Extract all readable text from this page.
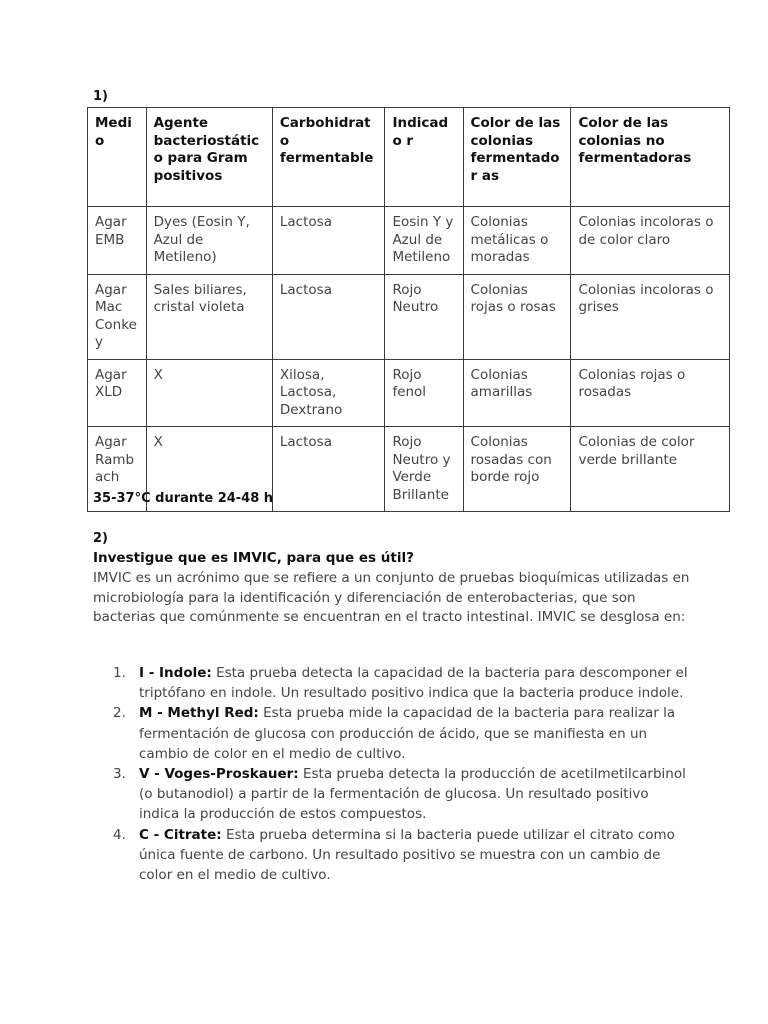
1)
Medio	Agente bacteriostátic o para Gram positivos	Carbohidrato fermentable	Indicado r	Color de las colonias fermentador as	Color de las colonias no fermentadoras
Agar EMB	Dyes (Eosin Y, Azul de Metileno)	Lactosa	Eosin Y y Azul de Metileno	Colonias metálicas o moradas	Colonias incoloras o de color claro
Agar Mac Conkey	Sales biliares, cristal violeta	Lactosa	Rojo Neutro	Colonias rojas o rosas	Colonias incoloras o grises
Agar XLD	X	Xilosa, Lactosa, Dextrano	Rojo fenol	Colonias amarillas	Colonias rojas o rosadas
Agar Rambach	X	Lactosa	Rojo Neutro y Verde Brillante	Colonias rosadas con borde rojo	Colonias de color verde brillante
35-37°C durante 24-48 h
2)
Investigue que es IMVIC, para que es útil?

IMVIC es un acrónimo que se refiere a un conjunto de pruebas bioquímicas utilizadas en microbiología para la identificación y diferenciación de enterobacterias, que son bacterias que comúnmente se encuentran en el tracto intestinal. IMVIC se desglosa en:

1. I - Indole: Esta prueba detecta la capacidad de la bacteria para descomponer el triptófano en indole. Un resultado positivo indica que la bacteria produce indole.
2. M - Methyl Red: Esta prueba mide la capacidad de la bacteria para realizar la fermentación de glucosa con producción de ácido, que se manifiesta en un cambio de color en el medio de cultivo.
3. V - Voges-Proskauer: Esta prueba detecta la producción de acetilmetilcarbinol (o butanodiol) a partir de la fermentación de glucosa. Un resultado positivo indica la producción de estos compuestos.
4. C - Citrate: Esta prueba determina si la bacteria puede utilizar el citrato como única fuente de carbono. Un resultado positivo se muestra con un cambio de color en el medio de cultivo.
